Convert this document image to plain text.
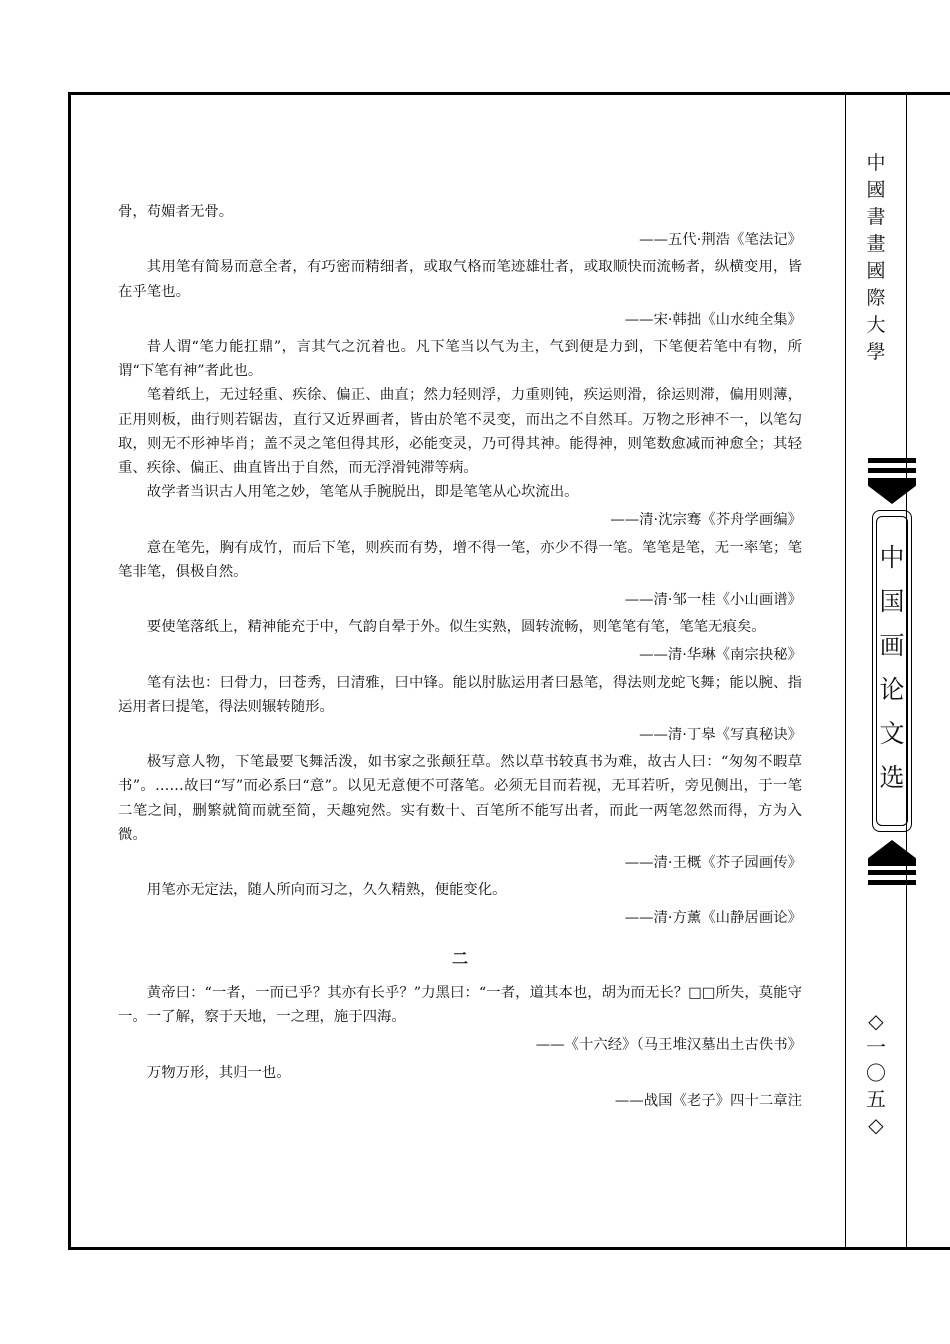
中
國
書
畫
國
際
大
學
中
国
画
论
文
选
◇
一
〇
五
◇

骨，苟媚者无骨。

——五代·荆浩《笔法记》

其用笔有简易而意全者，有巧密而精细者，或取气格而笔迹雄壮者，或取顺快而流畅者，纵横变用，皆在乎笔也。

——宋·韩拙《山水纯全集》

昔人谓“笔力能扛鼎”，言其气之沉着也。凡下笔当以气为主，气到便是力到，下笔便若笔中有物，所谓“下笔有神”者此也。

笔着纸上，无过轻重、疾徐、偏正、曲直；然力轻则浮，力重则钝，疾运则滑，徐运则滞，偏用则薄，正用则板，曲行则若锯齿，直行又近界画者，皆由於笔不灵变，而出之不自然耳。万物之形神不一，以笔勾取，则无不形神毕肖；盖不灵之笔但得其形，必能变灵，乃可得其神。能得神，则笔数愈减而神愈全；其轻重、疾徐、偏正、曲直皆出于自然，而无浮滑钝滞等病。

故学者当识古人用笔之妙，笔笔从手腕脱出，即是笔笔从心坎流出。

——清·沈宗骞《芥舟学画编》

意在笔先，胸有成竹，而后下笔，则疾而有势，增不得一笔，亦少不得一笔。笔笔是笔，无一率笔；笔笔非笔，俱极自然。

——清·邹一桂《小山画谱》

要使笔落纸上，精神能充于中，气韵自晕于外。似生实熟，圆转流畅，则笔笔有笔，笔笔无痕矣。

——清·华琳《南宗抉秘》

笔有法也：曰骨力，曰苍秀，曰清雅，曰中锋。能以肘肱运用者曰悬笔，得法则龙蛇飞舞；能以腕、指运用者曰提笔，得法则辗转随形。

——清·丁皋《写真秘诀》

极写意人物，下笔最要飞舞活泼，如书家之张颠狂草。然以草书较真书为难，故古人曰：“匆匆不暇草书”。……故曰“写”而必系曰“意”。以见无意便不可落笔。必须无目而若视，无耳若听，旁见侧出，于一笔二笔之间，删繁就简而就至简，天趣宛然。实有数十、百笔所不能写出者，而此一两笔忽然而得，方为入微。

——清·王概《芥子园画传》

用笔亦无定法，随人所向而习之，久久精熟，便能变化。

——清·方薰《山静居画论》
二

黄帝曰：“一者，一而已乎？其亦有长乎？”力黑曰：“一者，道其本也，胡为而无长？□□所失，莫能守一。一了解，察于天地，一之理，施于四海。

——《十六经》（马王堆汉墓出土古佚书》

万物万形，其归一也。

——战国《老子》四十二章注
